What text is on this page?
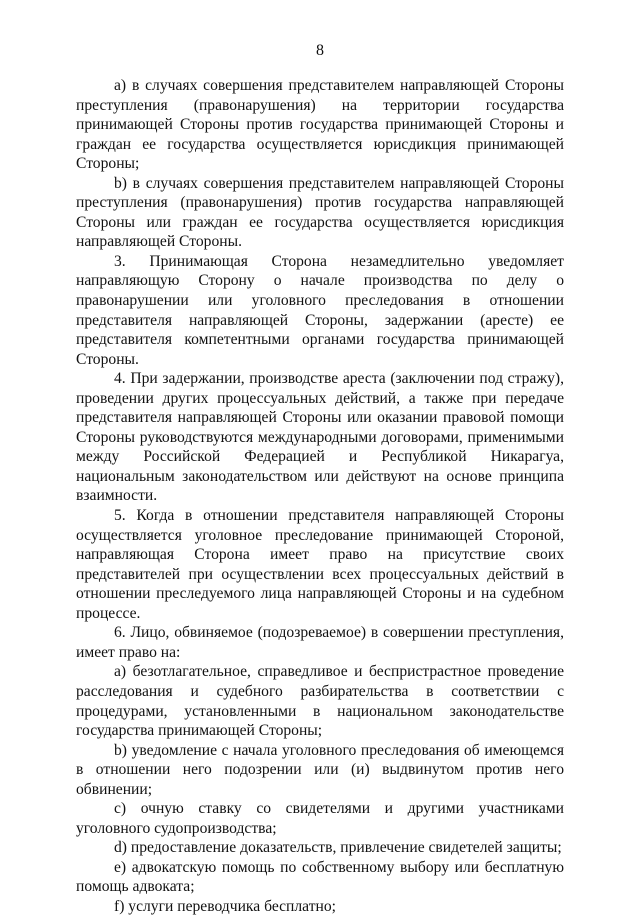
8

a) в случаях совершения представителем направляющей Стороны преступления (правонарушения) на территории государства принимающей Стороны против государства принимающей Стороны и граждан ее государства осуществляется юрисдикция принимающей Стороны;

b) в случаях совершения представителем направляющей Стороны преступления (правонарушения) против государства направляющей Стороны или граждан ее государства осуществляется юрисдикция направляющей Стороны.

3. Принимающая Сторона незамедлительно уведомляет направляющую Сторону о начале производства по делу о правонарушении или уголовного преследования в отношении представителя направляющей Стороны, задержании (аресте) ее представителя компетентными органами государства принимающей Стороны.

4. При задержании, производстве ареста (заключении под стражу), проведении других процессуальных действий, а также при передаче представителя направляющей Стороны или оказании правовой помощи Стороны руководствуются международными договорами, применимыми между Российской Федерацией и Республикой Никарагуа, национальным законодательством или действуют на основе принципа взаимности.

5. Когда в отношении представителя направляющей Стороны осуществляется уголовное преследование принимающей Стороной, направляющая Сторона имеет право на присутствие своих представителей при осуществлении всех процессуальных действий в отношении преследуемого лица направляющей Стороны и на судебном процессе.

6. Лицо, обвиняемое (подозреваемое) в совершении преступления, имеет право на:

a) безотлагательное, справедливое и беспристрастное проведение расследования и судебного разбирательства в соответствии с процедурами, установленными в национальном законодательстве государства принимающей Стороны;

b) уведомление с начала уголовного преследования об имеющемся в отношении него подозрении или (и) выдвинутом против него обвинении;

c) очную ставку со свидетелями и другими участниками уголовного судопроизводства;

d) предоставление доказательств, привлечение свидетелей защиты;

e) адвокатскую помощь по собственному выбору или бесплатную помощь адвоката;

f) услуги переводчика бесплатно;
